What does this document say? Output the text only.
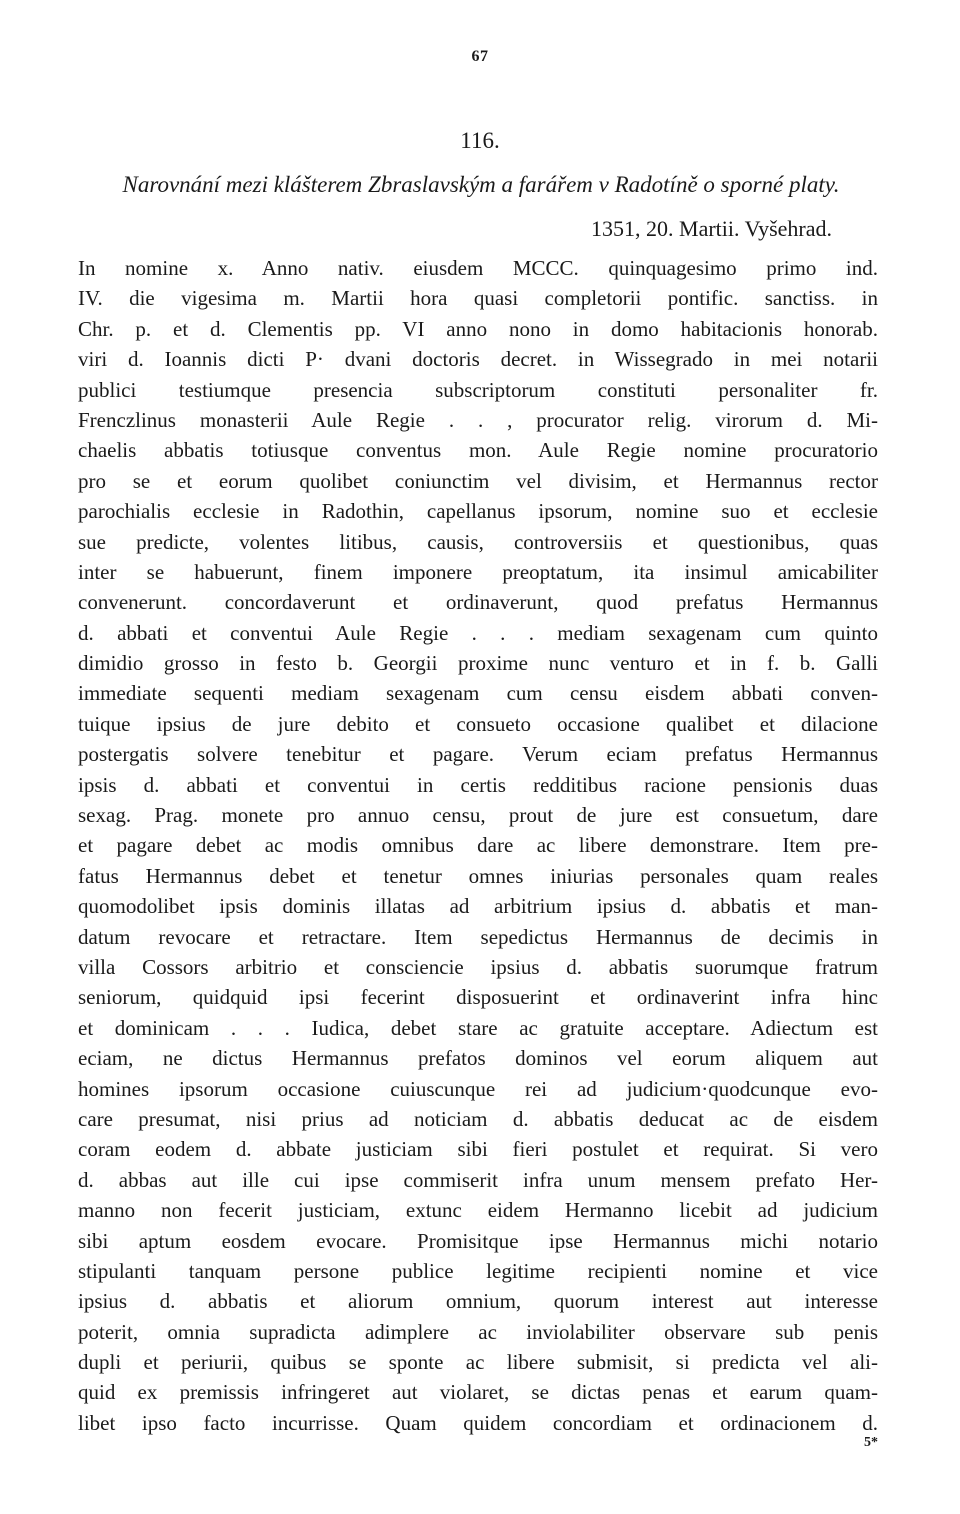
67
116.
Narovnání mezi klášterem Zbraslavským a farářem v Radotíně o sporné platy.
1351, 20. Martii. Vyšehrad.
In nomine x. Anno nativ. eiusdem MCCC. quinquagesimo primo ind.
IV. die vigesima m. Martii hora quasi completorii pontific. sanctiss. in
Chr. p. et d. Clementis pp. VI anno nono in domo habitacionis honorab.
viri d. Ioannis dicti P· dvani doctoris decret. in Wissegrado in mei notarii
publici testiumque presencia subscriptorum constituti personaliter fr.
Frenczlinus monasterii Aule Regie . . , procurator relig. virorum d. Mi-
chaelis abbatis totiusque conventus mon. Aule Regie nomine procuratorio
pro se et eorum quolibet coniunctim vel divisim, et Hermannus rector
parochialis ecclesie in Radothin, capellanus ipsorum, nomine suo et ecclesie
sue predicte, volentes litibus, causis, controversiis et questionibus, quas
inter se habuerunt, finem imponere preoptatum, ita insimul amicabiliter
convenerunt. concordaverunt et ordinaverunt, quod prefatus Hermannus
d. abbati et conventui Aule Regie . . . mediam sexagenam cum quinto
dimidio grosso in festo b. Georgii proxime nunc venturo et in f. b. Galli
immediate sequenti mediam sexagenam cum censu eisdem abbati conven-
tuique ipsius de jure debito et consueto occasione qualibet et dilacione
postergatis solvere tenebitur et pagare. Verum eciam prefatus Hermannus
ipsis d. abbati et conventui in certis redditibus racione pensionis duas
sexag. Prag. monete pro annuo censu, prout de jure est consuetum, dare
et pagare debet ac modis omnibus dare ac libere demonstrare. Item pre-
fatus Hermannus debet et tenetur omnes iniurias personales quam reales
quomodolibet ipsis dominis illatas ad arbitrium ipsius d. abbatis et man-
datum revocare et retractare. Item sepedictus Hermannus de decimis in
villa Cossors arbitrio et consciencie ipsius d. abbatis suorumque fratrum
seniorum, quidquid ipsi fecerint disposuerint et ordinaverint infra hinc
et dominicam . . . Iudica, debet stare ac gratuite acceptare. Adiectum est
eciam, ne dictus Hermannus prefatos dominos vel eorum aliquem aut
homines ipsorum occasione cuiuscunque rei ad judicium·quodcunque evo-
care presumat, nisi prius ad noticiam d. abbatis deducat ac de eisdem
coram eodem d. abbate justiciam sibi fieri postulet et requirat. Si vero
d. abbas aut ille cui ipse commiserit infra unum mensem prefato Her-
manno non fecerit justiciam, extunc eidem Hermanno licebit ad judicium
sibi aptum eosdem evocare. Promisitque ipse Hermannus michi notario
stipulanti tanquam persone publice legitime recipienti nomine et vice
ipsius d. abbatis et aliorum omnium, quorum interest aut interesse
poterit, omnia supradicta adimplere ac inviolabiliter observare sub penis
dupli et periurii, quibus se sponte ac libere submisit, si predicta vel ali-
quid ex premissis infringeret aut violaret, se dictas penas et earum quam-
libet ipso facto incurrisse. Quam quidem concordiam et ordinacionem d.
5*
